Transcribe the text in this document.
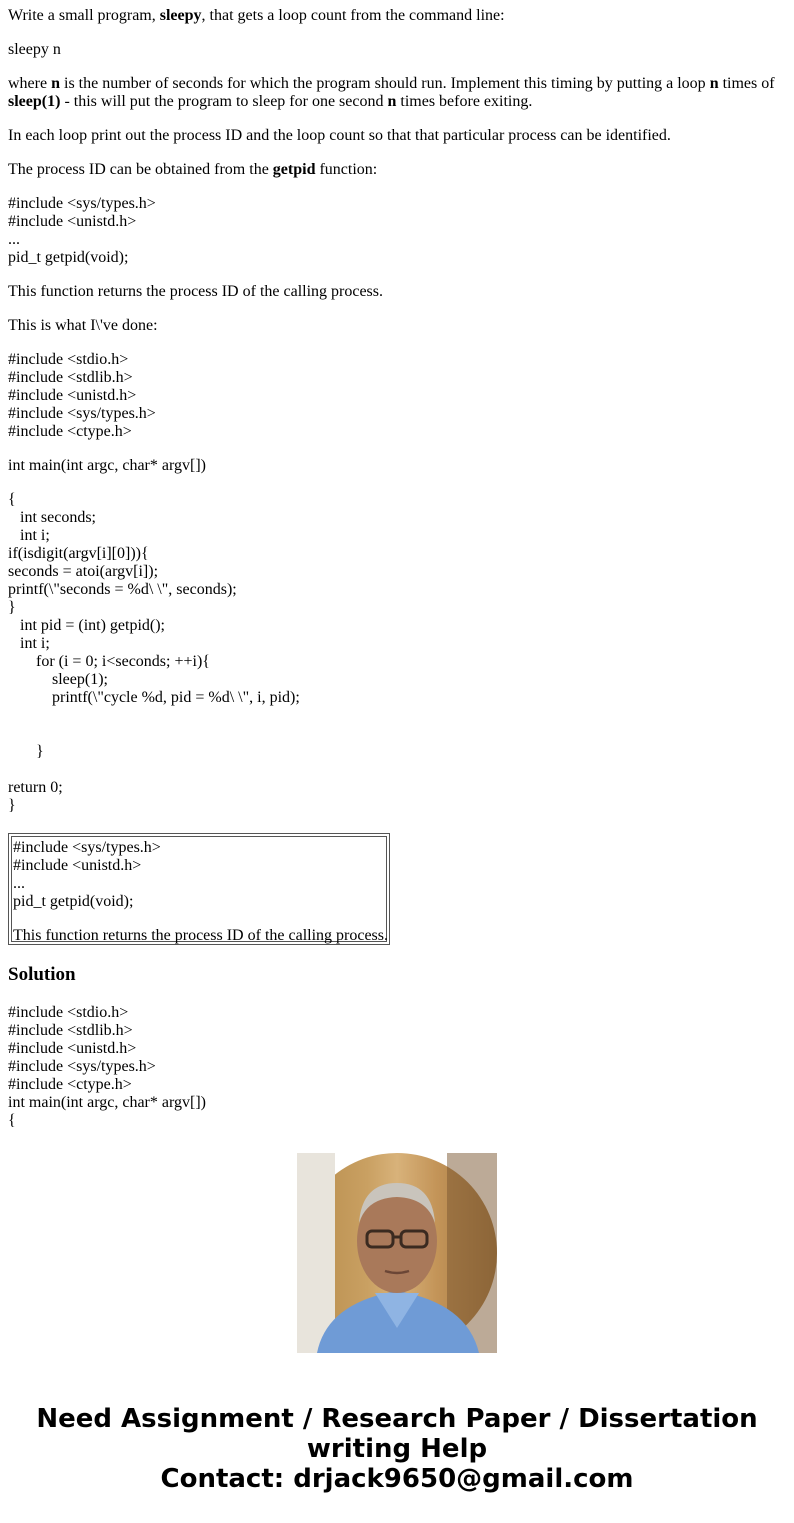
Write a small program, sleepy, that gets a loop count from the command line:

sleepy n

where n is the number of seconds for which the program should run. Implement this timing by putting a loop n times of
sleep(1) - this will put the program to sleep for one second n times before exiting.

In each loop print out the process ID and the loop count so that that particular process can be identified.

The process ID can be obtained from the getpid function:

#include <sys/types.h>
#include <unistd.h>
...
pid_t getpid(void);

This function returns the process ID of the calling process.

This is what I\'ve done:

#include <stdio.h>
#include <stdlib.h>
#include <unistd.h>
#include <sys/types.h>
#include <ctype.h>

int main(int argc, char* argv[])

{
int seconds;
int i;
if(isdigit(argv[i][0])){
seconds = atoi(argv[i]);
printf(\"seconds = %d\ \", seconds);
}
int pid = (int) getpid();
int i;
for (i = 0; i<seconds; ++i){
sleep(1);
printf(\"cycle %d, pid = %d\ \", i, pid);
}
return 0;
}
#include <sys/types.h>
#include <unistd.h>
...
pid_t getpid(void);
This function returns the process ID of the calling process.
Solution
#include <stdio.h>
#include <stdlib.h>
#include <unistd.h>
#include <sys/types.h>
#include <ctype.h>
int main(int argc, char* argv[])
{
Need Assignment / Research Paper / Dissertation
writing Help
Contact: drjack9650@gmail.com
